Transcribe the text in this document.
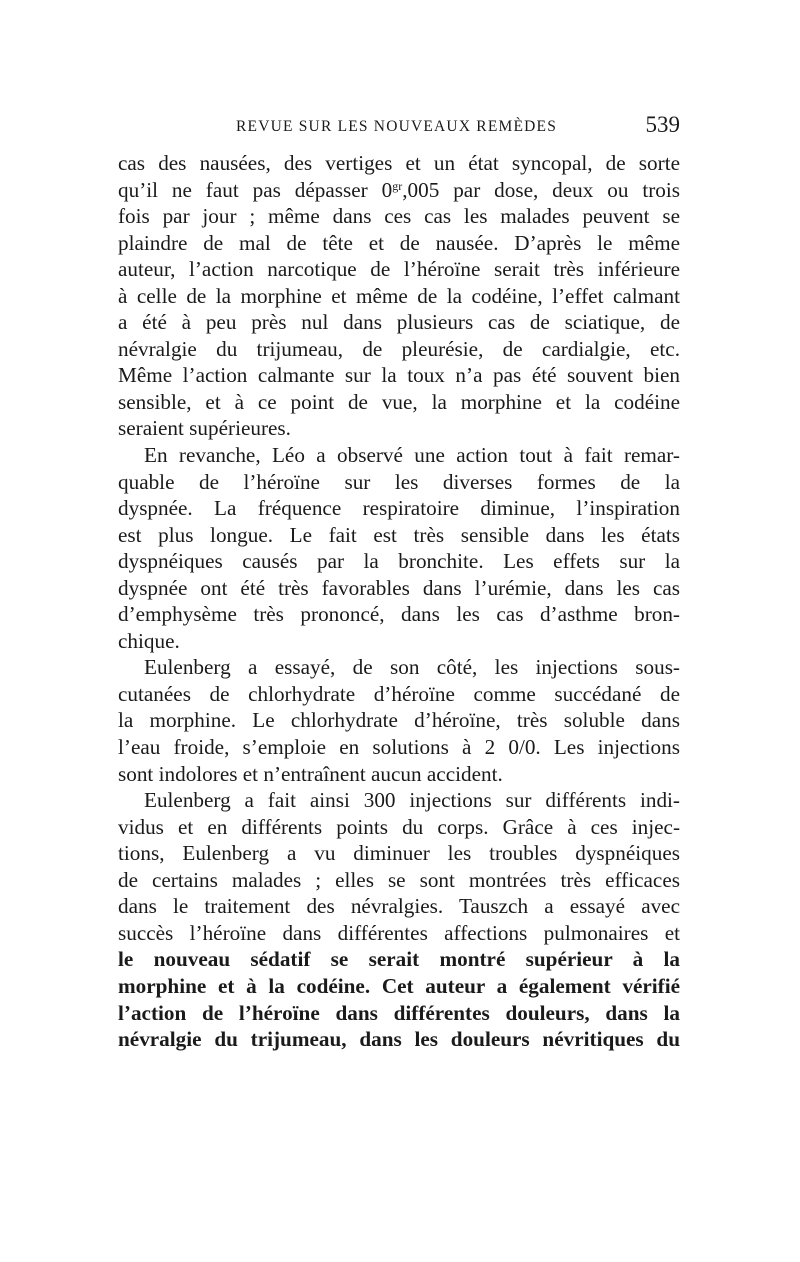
REVUE SUR LES NOUVEAUX REMÈDES	539
cas des nausées, des vertiges et un état syncopal, de sorte
qu’il ne faut pas dépasser $0^{gr},005$ par dose, deux ou trois
fois par jour ; même dans ces cas les malades peuvent se
plaindre de mal de tête et de nausée. D’après le même
auteur, l’action narcotique de l’héroïne serait très inférieure
à celle de la morphine et même de la codéine, l’effet calmant
a été à peu près nul dans plusieurs cas de sciatique, de
névralgie du trijumeau, de pleurésie, de cardialgie, etc.
Même l’action calmante sur la toux n’a pas été souvent bien
sensible, et à ce point de vue, la morphine et la codéine
seraient supérieures.
En revanche, Léo a observé une action tout à fait remar-
quable de l’héroïne sur les diverses formes de la
dyspnée. La fréquence respiratoire diminue, l’inspiration
est plus longue. Le fait est très sensible dans les états
dyspnéiques causés par la bronchite. Les effets sur la
dyspnée ont été très favorables dans l’urémie, dans les cas
d’emphysème très prononcé, dans les cas d’asthme bron-
chique.
Eulenberg a essayé, de son côté, les injections sous-
cutanées de chlorhydrate d’héroïne comme succédané de
la morphine. Le chlorhydrate d’héroïne, très soluble dans
l’eau froide, s’emploie en solutions à 2 0/0. Les injections
sont indolores et n’entraînent aucun accident.
Eulenberg a fait ainsi 300 injections sur différents indi-
vidus et en différents points du corps. Grâce à ces injec-
tions, Eulenberg a vu diminuer les troubles dyspnéiques
de certains malades ; elles se sont montrées très efficaces
dans le traitement des névralgies. Tauszch a essayé avec
succès l’héroïne dans différentes affections pulmonaires et
le nouveau sédatif se serait montré supérieur à la
morphine et à la codéine. Cet auteur a également vérifié
l’action de l’héroïne dans différentes douleurs, dans la
névralgie du trijumeau, dans les douleurs névritiques du
